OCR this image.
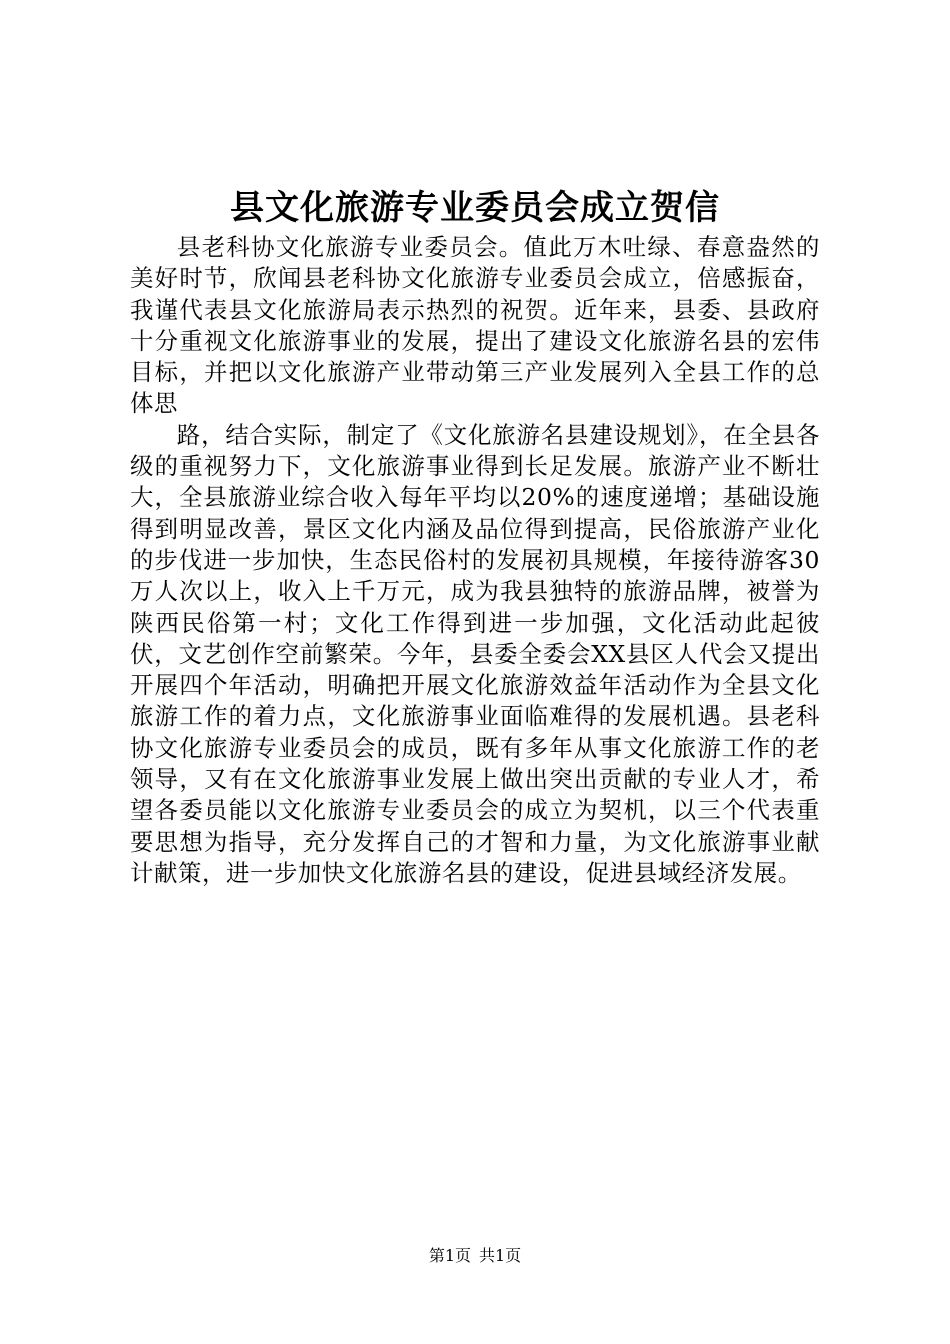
县文化旅游专业委员会成立贺信

县老科协文化旅游专业委员会。值此万木吐绿、春意盎然的美好时节，欣闻县老科协文化旅游专业委员会成立，倍感振奋，我谨代表县文化旅游局表示热烈的祝贺。近年来，县委、县政府十分重视文化旅游事业的发展，提出了建设文化旅游名县的宏伟目标，并把以文化旅游产业带动第三产业发展列入全县工作的总体思

路，结合实际，制定了《文化旅游名县建设规划》，在全县各级的重视努力下，文化旅游事业得到长足发展。旅游产业不断壮大，全县旅游业综合收入每年平均以20%的速度递增；基础设施得到明显改善，景区文化内涵及品位得到提高，民俗旅游产业化的步伐进一步加快，生态民俗村的发展初具规模，年接待游客30万人次以上，收入上千万元，成为我县独特的旅游品牌，被誉为陕西民俗第一村；文化工作得到进一步加强，文化活动此起彼伏，文艺创作空前繁荣。今年，县委全委会XX县区人代会又提出开展四个年活动，明确把开展文化旅游效益年活动作为全县文化旅游工作的着力点，文化旅游事业面临难得的发展机遇。县老科协文化旅游专业委员会的成员，既有多年从事文化旅游工作的老领导，又有在文化旅游事业发展上做出突出贡献的专业人才，希望各委员能以文化旅游专业委员会的成立为契机，以三个代表重要思想为指导，充分发挥自己的才智和力量，为文化旅游事业献计献策，进一步加快文化旅游名县的建设，促进县域经济发展。

第1页 共1页
